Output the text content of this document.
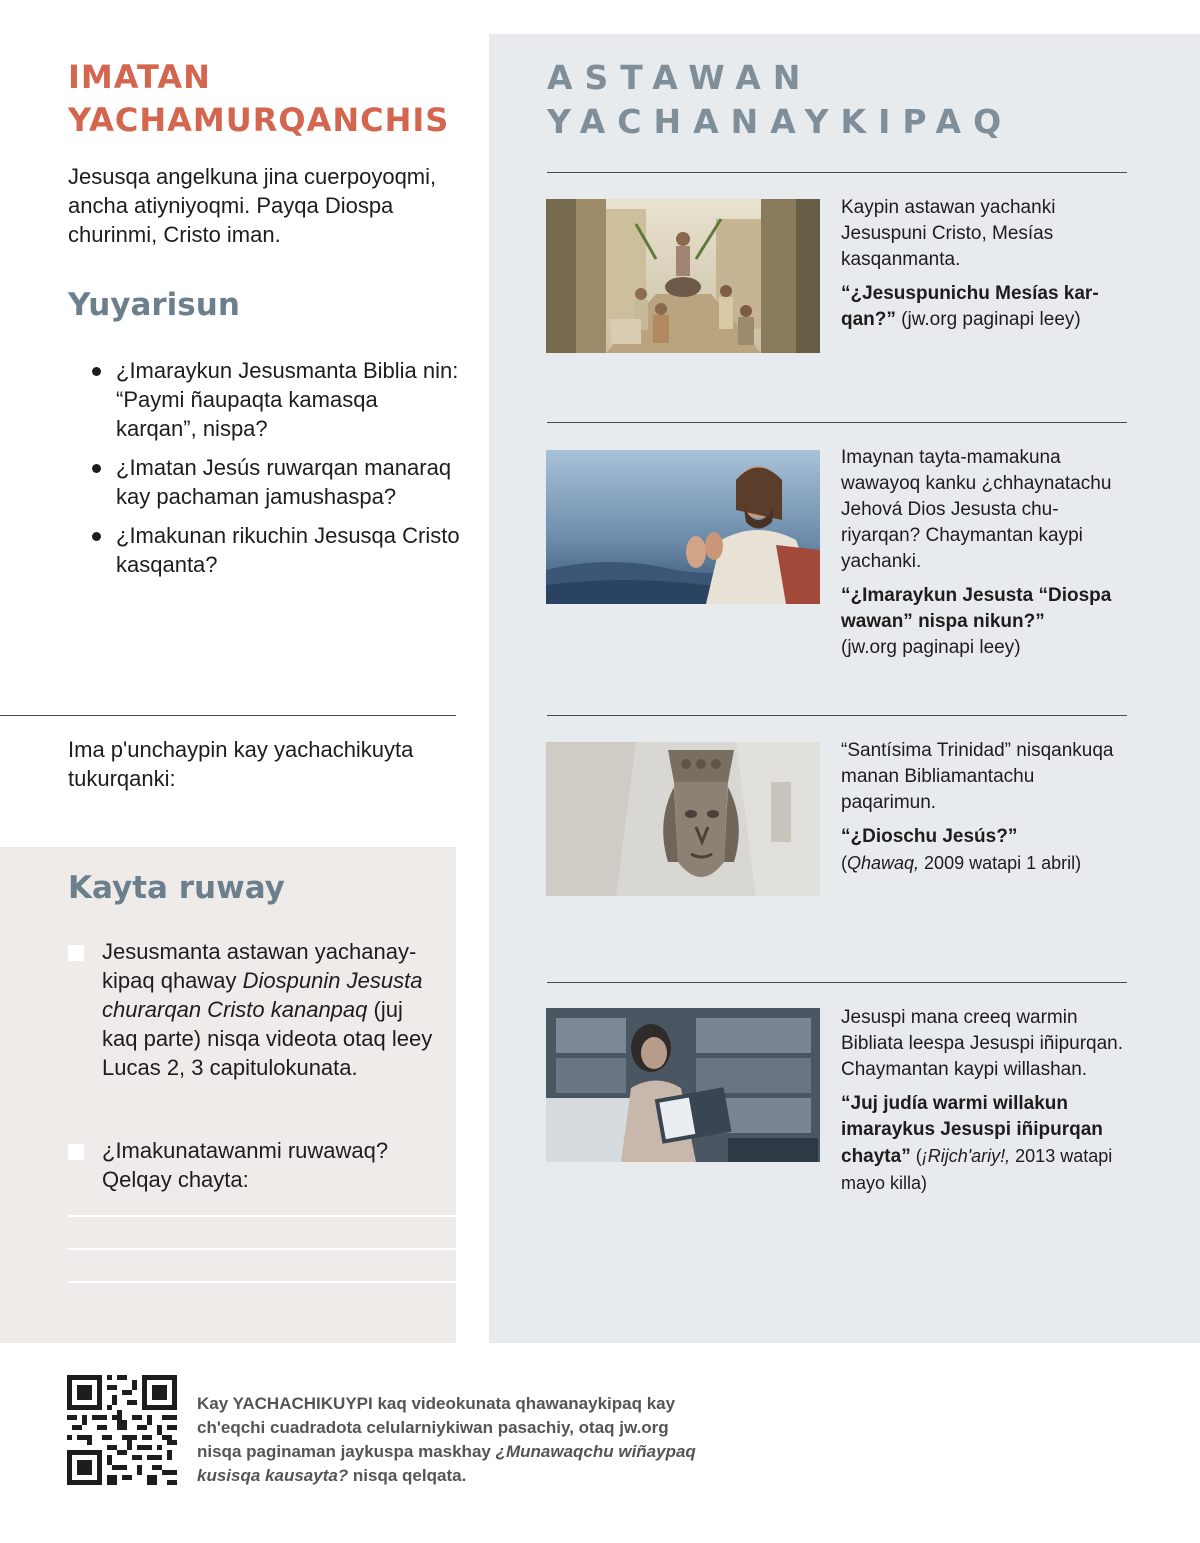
ASTAWAN
YACHANAYKIPAQ
Kaypin astawan yachanki Jesuspuni Cristo, Mesías kasqanmanta.
“¿Jesuspunichu Mesías karqan?” (jw.org paginapi leey)
Imaynan tayta-mamakuna wawayoq kanku ¿chhaynatachu Jehová Dios Jesusta churiyarqan? Chaymantan kaypi yachanki.
“¿Imaraykun Jesusta “Diospa wawan” nispa nikun?”
(jw.org paginapi leey)
“Santísima Trinidad” nisqankuqa manan Bibliamantachu paqarimun.
“¿Dioschu Jesús?”
(Qhawaq, 2009 watapi 1 abril)
Jesuspi mana creeq warmin Bibliata leespa Jesuspi iñipurqan. Chaymantan kaypi willashan.
“Juj judía warmi willakun imaraykus Jesuspi iñipurqan chayta” (¡Rijch'ariy!, 2013 watapi mayo killa)
IMATAN
YACHAMURQANCHIS

Jesusqa angelkuna jina cuerpoyoqmi, ancha atiyniyoqmi. Payqa Diospa churinmi, Cristo iman.

Yuyarisun
¿Imaraykun Jesusmanta Biblia nin: “Paymi ñaupaqta kamasqa karqan”, nispa?
¿Imatan Jesús ruwarqan manaraq kay pachaman jamushaspa?
¿Imakunan rikuchin Jesusqa Cristo kasqanta?

Ima p'unchaypin kay yachachikuyta tukurqanki:

Kayta ruway
Jesusmanta astawan yachanaykipaq qhaway Diospunin Jesusta churarqan Cristo kananpaq (juj kaq parte) nisqa videota otaq leey Lucas 2, 3 capitulokunata.
¿Imakunatawanmi ruwawaq? Qelqay chayta:

Kay YACHACHIKUYPI kaq videokunata qhawanaykipaq kay ch'eqchi cuadradota celularniykiwan pasachiy, otaq jw.org nisqa paginaman jaykuspa maskhay ¿Munawaqchu wiñaypaq kusisqa kausayta? nisqa qelqata.
